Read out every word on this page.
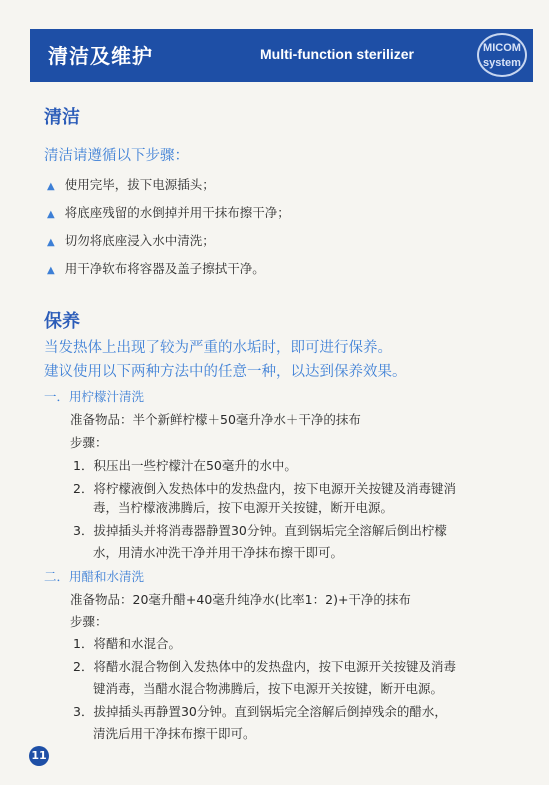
清洁及维护	Multi-function sterilizer	MICOM
system
清洁
清洁请遵循以下步骤：
▲ 使用完毕，拔下电源插头；
▲ 将底座残留的水倒掉并用干抹布擦干净；
▲ 切勿将底座浸入水中清洗；
▲ 用干净软布将容器及盖子擦拭干净。
保养
当发热体上出现了较为严重的水垢时，即可进行保养。
建议使用以下两种方法中的任意一种，以达到保养效果。
一．用柠檬汁清洗
准备物品：半个新鲜柠檬＋50毫升净水＋干净的抹布
步骤：
1．积压出一些柠檬汁在50毫升的水中。
2．将柠檬液倒入发热体中的发热盘内，按下电源开关按键及消毒键消
毒，当柠檬液沸腾后，按下电源开关按键，断开电源。
3．拔掉插头并将消毒器静置30分钟。直到锅垢完全溶解后倒出柠檬
水，用清水冲洗干净并用干净抹布擦干即可。
二．用醋和水清洗
准备物品：20毫升醋+40毫升纯净水(比率1：2)+干净的抹布
步骤：
1．将醋和水混合。
2．将醋水混合物倒入发热体中的发热盘内，按下电源开关按键及消毒
键消毒，当醋水混合物沸腾后，按下电源开关按键，断开电源。
3．拔掉插头再静置30分钟。直到锅垢完全溶解后倒掉残余的醋水，
清洗后用干净抹布擦干即可。
11
